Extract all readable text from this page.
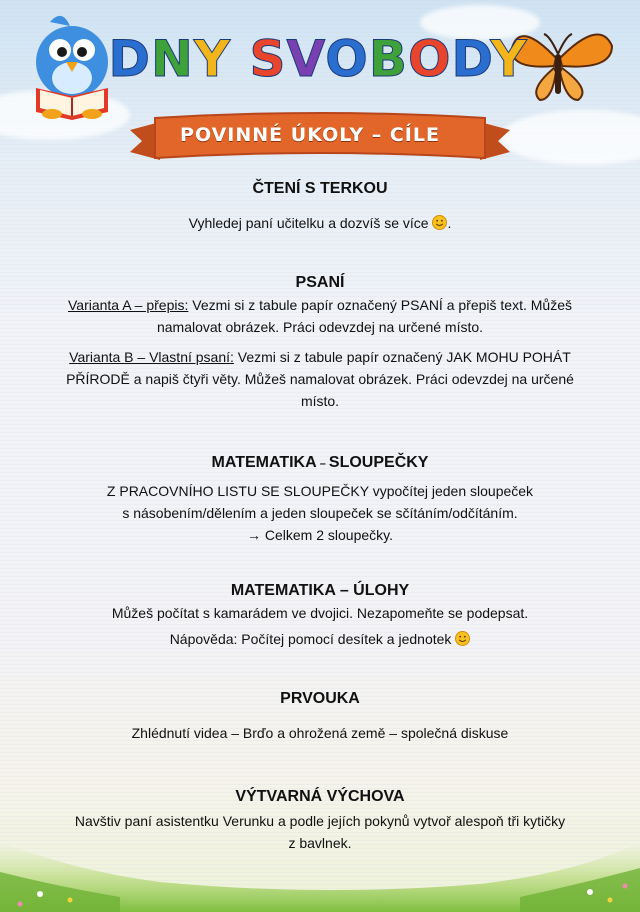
DNY SVOBODY
POVINNÉ ÚKOLY – CÍLE
ČTENÍ S TERKOU

Vyhledej paní učitelku a dozvíš se více .

PSANÍ

Varianta A – přepis: Vezmi si z tabule papír označený PSANÍ a přepiš text. Můžeš
namalovat obrázek. Práci odevzdej na určené místo.

Varianta B – Vlastní psaní: Vezmi si z tabule papír označený JAK MOHU POHÁT
PŘÍRODĚ a napiš čtyři věty. Můžeš namalovat obrázek. Práci odevzdej na určené
místo.

MATEMATIKA – SLOUPEČKY

Z PRACOVNÍHO LISTU SE SLOUPEČKY vypočítej jeden sloupeček
s násobením/dělením a jeden sloupeček se sčítáním/odčítáním.
→ Celkem 2 sloupečky.

MATEMATIKA – ÚLOHY

Můžeš počítat s kamarádem ve dvojici. Nezapomeňte se podepsat.

Nápověda: Počítej pomocí desítek a jednotek

PRVOUKA

Zhlédnutí videa – Brďo a ohrožená země – společná diskuse

VÝTVARNÁ VÝCHOVA

Navštiv paní asistentku Verunku a podle jejích pokynů vytvoř alespoň tři kytičky
z bavlnek.
